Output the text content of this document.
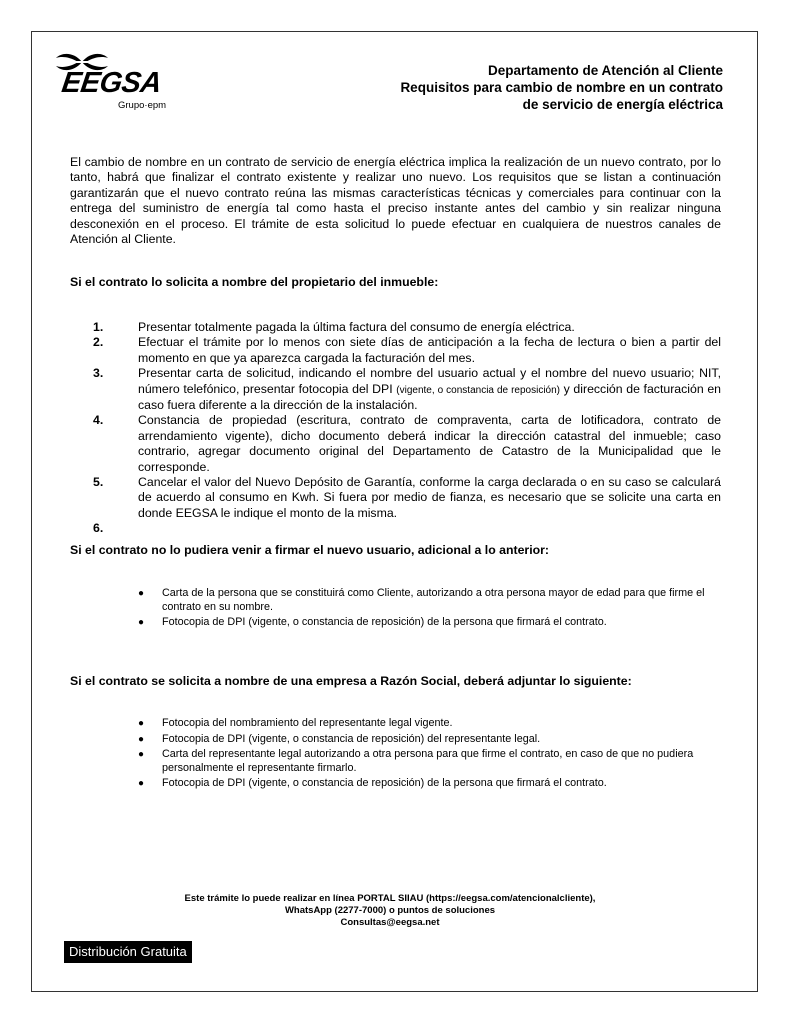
EEGSA
Grupo·epm
Departamento de Atención al Cliente
Requisitos para cambio de nombre en un contrato
de servicio de energía eléctrica
El cambio de nombre en un contrato de servicio de energía eléctrica implica la realización de un nuevo contrato, por lo tanto, habrá que finalizar el contrato existente y realizar uno nuevo. Los requisitos que se listan a continuación garantizarán que el nuevo contrato reúna las mismas características técnicas y comerciales para continuar con la entrega del suministro de energía tal como hasta el preciso instante antes del cambio y sin realizar ninguna desconexión en el proceso. El trámite de esta solicitud lo puede efectuar en cualquiera de nuestros canales de Atención al Cliente.
Si el contrato lo solicita a nombre del propietario del inmueble:
1.	Presentar totalmente pagada la última factura del consumo de energía eléctrica.
2.	Efectuar el trámite por lo menos con siete días de anticipación a la fecha de lectura o bien a partir del momento en que ya aparezca cargada la facturación del mes.
3.	Presentar carta de solicitud, indicando el nombre del usuario actual y el nombre del nuevo usuario; NIT, número telefónico, presentar fotocopia del DPI (vigente, o constancia de reposición) y dirección de facturación en caso fuera diferente a la dirección de la instalación.
4.	Constancia de propiedad (escritura, contrato de compraventa, carta de lotificadora, contrato de arrendamiento vigente), dicho documento deberá indicar la dirección catastral del inmueble; caso contrario, agregar documento original del Departamento de Catastro de la Municipalidad que le corresponde.
5.	Cancelar el valor del Nuevo Depósito de Garantía, conforme la carga declarada o en su caso se calculará de acuerdo al consumo en Kwh. Si fuera por medio de fianza, es necesario que se solicite una carta en donde EEGSA le indique el monto de la misma.
6.
Si el contrato no lo pudiera venir a firmar el nuevo usuario, adicional a lo anterior:
●	Carta de la persona que se constituirá como Cliente, autorizando a otra persona mayor de edad para que firme el contrato en su nombre.
●	Fotocopia de DPI (vigente, o constancia de reposición) de la persona que firmará el contrato.
Si el contrato se solicita a nombre de una empresa a Razón Social, deberá adjuntar lo siguiente:
●	Fotocopia del nombramiento del representante legal vigente.
●	Fotocopia de DPI (vigente, o constancia de reposición) del representante legal.
●	Carta del representante legal autorizando a otra persona para que firme el contrato, en caso de que no pudiera personalmente el representante firmarlo.
●	Fotocopia de DPI (vigente, o constancia de reposición) de la persona que firmará el contrato.
Este trámite lo puede realizar en línea PORTAL SIIAU (https://eegsa.com/atencionalcliente),
WhatsApp (2277-7000) o puntos de soluciones
Consultas@eegsa.net
Distribución Gratuita
